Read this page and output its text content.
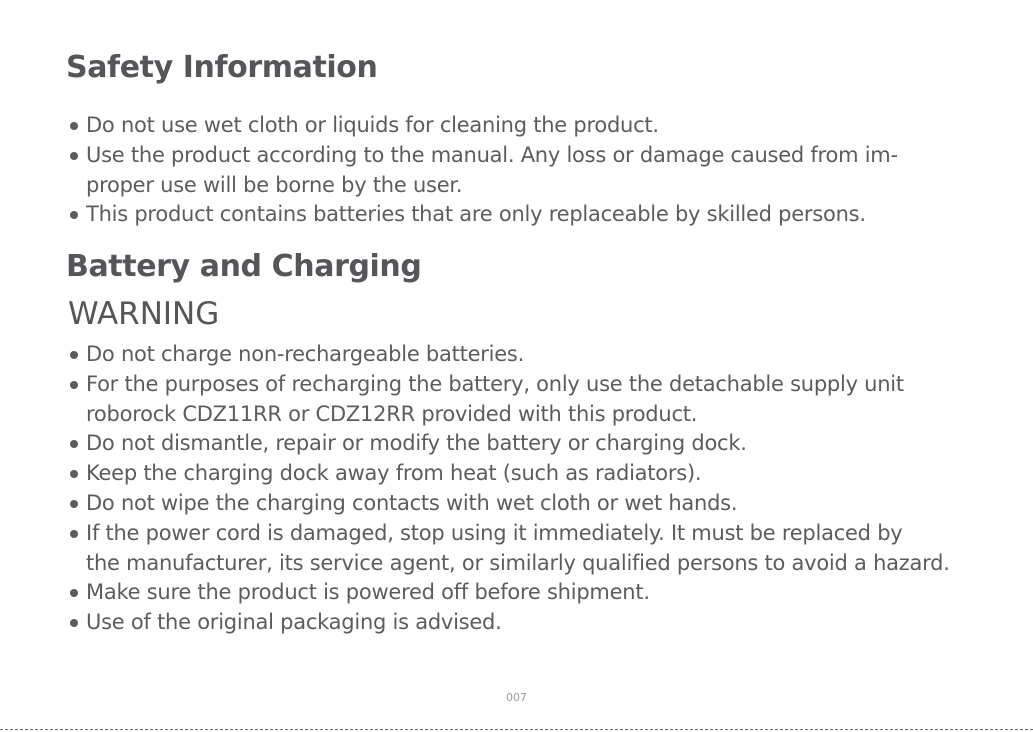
Safety Information
Do not use wet cloth or liquids for cleaning the product.
Use the product according to the manual. Any loss or damage caused from im-
proper use will be borne by the user.
This product contains batteries that are only replaceable by skilled persons.
Battery and Charging
WARNING
Do not charge non-rechargeable batteries.
For the purposes of recharging the battery, only use the detachable supply unit
roborock CDZ11RR or CDZ12RR provided with this product.
Do not dismantle, repair or modify the battery or charging dock.
Keep the charging dock away from heat (such as radiators).
Do not wipe the charging contacts with wet cloth or wet hands.
If the power cord is damaged, stop using it immediately. It must be replaced by
the manufacturer, its service agent, or similarly qualified persons to avoid a hazard.
Make sure the product is powered off before shipment.
Use of the original packaging is advised.
007
